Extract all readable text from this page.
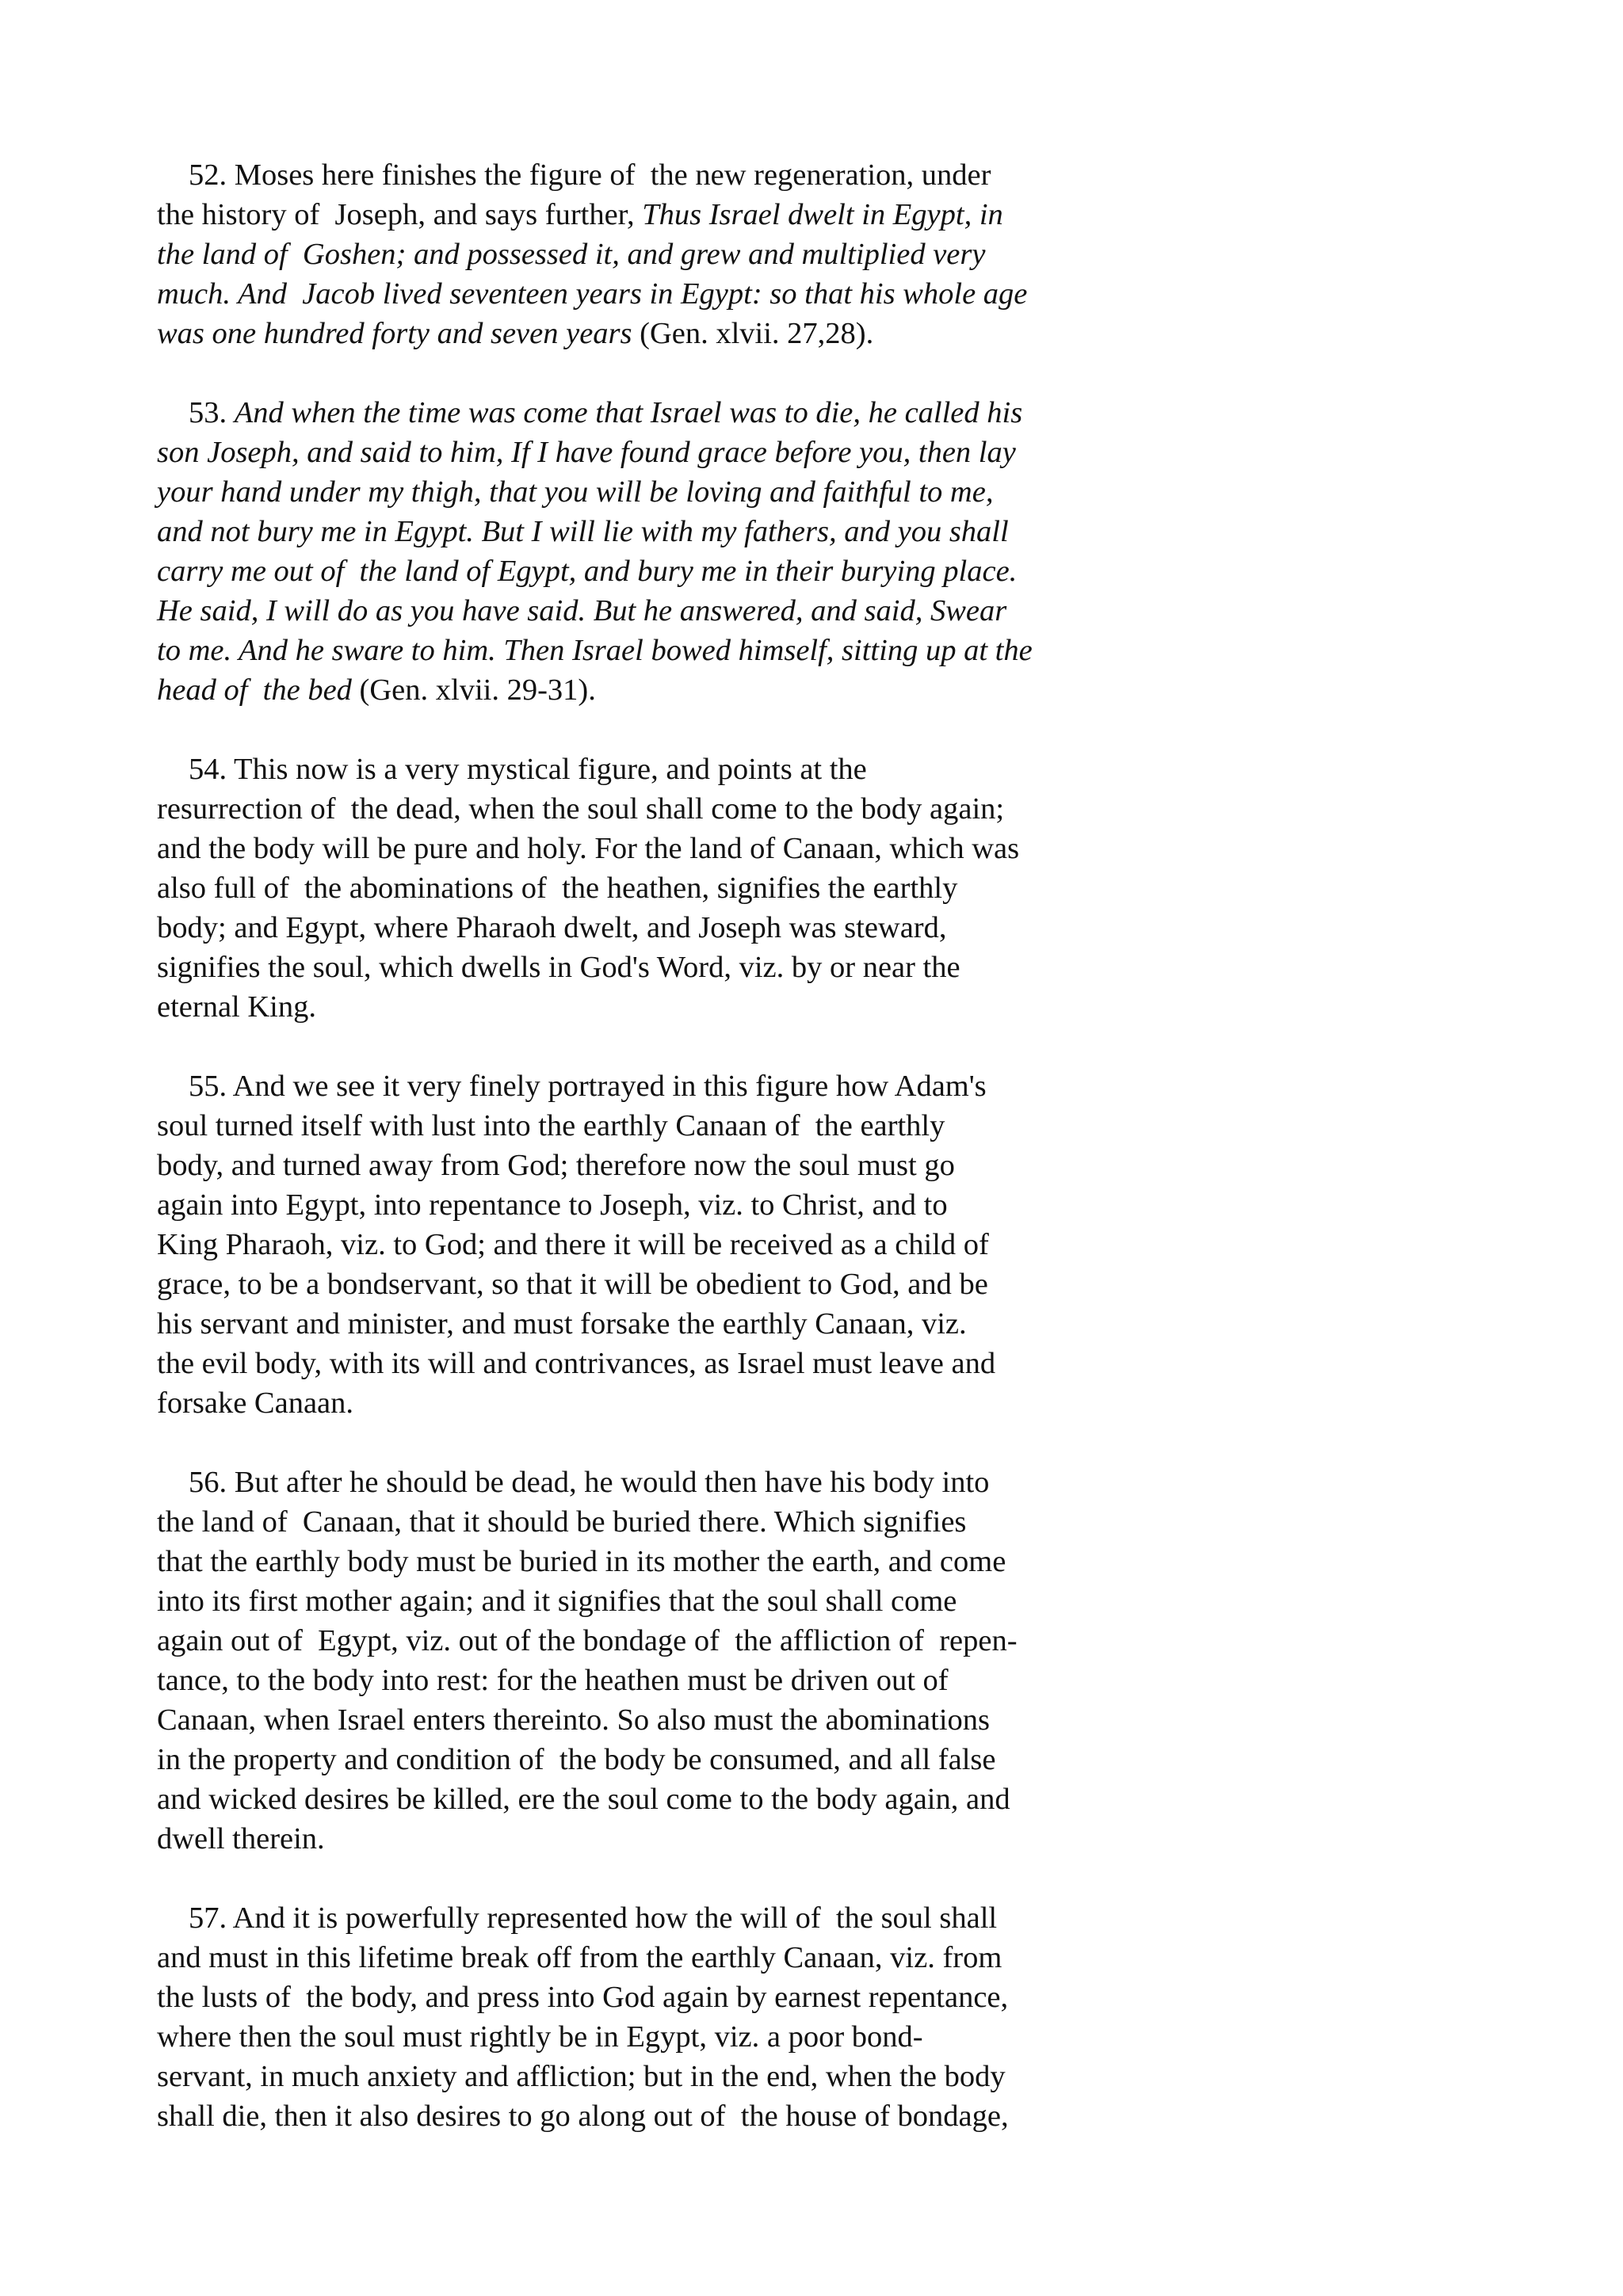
52. Moses here finishes the figure of  the new regeneration, under
the history of  Joseph, and says further, Thus Israel dwelt in Egypt, in
the land of  Goshen; and possessed it, and grew and multiplied very
much. And  Jacob lived seventeen years in Egypt: so that his whole age
was one hundred forty and seven years (Gen. xlvii. 27,28).
53. And when the time was come that Israel was to die, he called his
son Joseph, and said to him, If I have found grace before you, then lay
your hand under my thigh, that you will be loving and faithful to me,
and not bury me in Egypt. But I will lie with my fathers, and you shall
carry me out of  the land of Egypt, and bury me in their burying place.
He said, I will do as you have said. But he answered, and said, Swear
to me. And he sware to him. Then Israel bowed himself, sitting up at the
head of  the bed (Gen. xlvii. 29-31).
54. This now is a very mystical figure, and points at the
resurrection of  the dead, when the soul shall come to the body again;
and the body will be pure and holy. For the land of Canaan, which was
also full of  the abominations of  the heathen, signifies the earthly
body; and Egypt, where Pharaoh dwelt, and Joseph was steward,
signifies the soul, which dwells in God's Word, viz. by or near the
eternal King.
55. And we see it very finely portrayed in this figure how Adam's
soul turned itself with lust into the earthly Canaan of  the earthly
body, and turned away from God; therefore now the soul must go
again into Egypt, into repentance to Joseph, viz. to Christ, and to
King Pharaoh, viz. to God; and there it will be received as a child of
grace, to be a bondservant, so that it will be obedient to God, and be
his servant and minister, and must forsake the earthly Canaan, viz.
the evil body, with its will and contrivances, as Israel must leave and
forsake Canaan.
56. But after he should be dead, he would then have his body into
the land of  Canaan, that it should be buried there. Which signifies
that the earthly body must be buried in its mother the earth, and come
into its first mother again; and it signifies that the soul shall come
again out of  Egypt, viz. out of the bondage of  the affliction of  repen-
tance, to the body into rest: for the heathen must be driven out of
Canaan, when Israel enters thereinto. So also must the abominations
in the property and condition of  the body be consumed, and all false
and wicked desires be killed, ere the soul come to the body again, and
dwell therein.
57. And it is powerfully represented how the will of  the soul shall
and must in this lifetime break off from the earthly Canaan, viz. from
the lusts of  the body, and press into God again by earnest repentance,
where then the soul must rightly be in Egypt, viz. a poor bond-
servant, in much anxiety and affliction; but in the end, when the body
shall die, then it also desires to go along out of  the house of bondage,
